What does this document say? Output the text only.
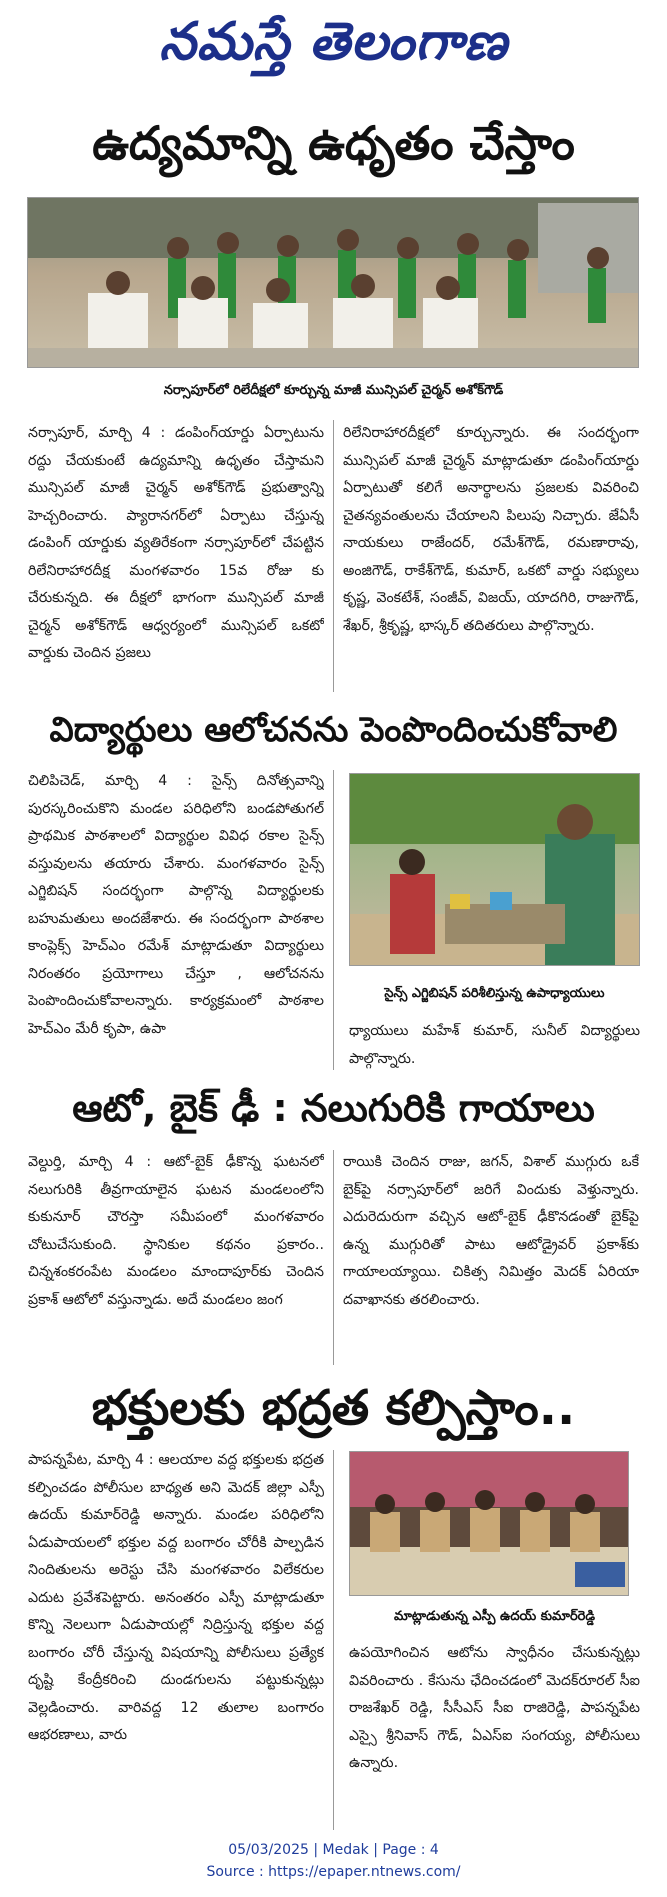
నమస్తే తెలంగాణ
ఉద్యమాన్ని ఉధృతం చేస్తాం
నర్సాపూర్‌లో రిలేదీక్షలో కూర్చున్న మాజీ మున్సిపల్ చైర్మన్ అశోక్‌గౌడ్

నర్సాపూర్, మార్చి 4 : డంపింగ్‌యార్డు ఏర్పాటును రద్దు చేయకుంటే ఉద్యమాన్ని ఉధృతం చేస్తామని మున్సిపల్ మాజీ చైర్మన్ అశోక్‌గౌడ్ ప్రభుత్వాన్ని హెచ్చరించారు. ప్యారానగర్‌లో ఏర్పాటు చేస్తున్న డంపింగ్ యార్డుకు వ్యతిరేకంగా నర్సాపూర్‌లో చేపట్టిన రిలేనిరాహారదీక్ష మంగళవారం 15వ రోజు కు చేరుకున్నది. ఈ దీక్షలో భాగంగా మున్సిపల్ మాజీ చైర్మన్ అశోక్‌గౌడ్ ఆధ్వర్యంలో మున్సిపల్ ఒకటో వార్డుకు చెందిన ప్రజలు

రిలేనిరాహారదీక్షలో కూర్చున్నారు. ఈ సందర్భంగా మున్సిపల్ మాజీ చైర్మన్ మాట్లాడుతూ డంపింగ్‌యార్డు ఏర్పాటుతో కలిగే అనార్థాలను ప్రజలకు వివరించి చైతన్యవంతులను చేయాలని పిలుపు నిచ్చారు. జేఏసీ నాయకులు రాజేందర్, రమేశ్‌గౌడ్, రమణారావు, అంజిగౌడ్, రాకేశ్‌గౌడ్, కుమార్, ఒకటో వార్డు సభ్యులు కృష్ణ, వెంకటేశ్, సంజీవ్, విజయ్, యాదగిరి, రాజుగౌడ్, శేఖర్, శ్రీకృష్ణ, భాస్కర్ తదితరులు పాల్గొన్నారు.

విద్యార్థులు ఆలోచనను పెంపొందించుకోవాలి

చిలిపిచెడ్, మార్చి 4 : సైన్స్ దినోత్సవాన్ని పురస్కరించుకొని మండల పరిధిలోని బండపోతుగల్ ప్రాథమిక పాఠశాలలో విద్యార్థుల వివిధ రకాల సైన్స్ వస్తువులను తయారు చేశారు. మంగళవారం సైన్స్ ఎగ్జిబిషన్ సందర్భంగా పాల్గొన్న విద్యార్థులకు బహుమతులు అందజేశారు. ఈ సందర్భంగా పాఠశాల కాంప్లెక్స్ హెచ్‌ఎం రమేశ్ మాట్లాడుతూ విద్యార్థులు నిరంతరం ప్రయోగాలు చేస్తూ , ఆలోచనను పెంపొందించుకోవాలన్నారు. కార్యక్రమంలో పాఠశాల హెచ్‌ఎం మేరీ కృపా, ఉపా

సైన్స్ ఎగ్జిబిషన్ పరిశీలిస్తున్న ఉపాధ్యాయులు

ధ్యాయులు మహేశ్ కుమార్, సునీల్ విద్యార్థులు పాల్గొన్నారు.

ఆటో, బైక్ ఢీ : నలుగురికి గాయాలు

వెల్దుర్తి, మార్చి 4 : ఆటో-బైక్ ఢీకొన్న ఘటనలో నలుగురికి తీవ్రగాయాలైన ఘటన మండలంలోని కుకునూర్ చౌరస్తా సమీపంలో మంగళవారం చోటుచేసుకుంది. స్థానికుల కథనం ప్రకారం.. చిన్నశంకరంపేట మండలం మాందాపూర్‌కు చెందిన ప్రకాశ్ ఆటోలో వస్తున్నాడు. అదే మండలం జంగ

రాయికి చెందిన రాజు, జగన్, విశాల్ ముగ్గురు ఒకే బైక్‌పై నర్సాపూర్‌లో జరిగే విందుకు వెళ్తున్నారు. ఎదురెదురుగా వచ్చిన ఆటో-బైక్ ఢీకొనడంతో బైక్‌పై ఉన్న ముగ్గురితో పాటు ఆటోడ్రైవర్ ప్రకాశ్‌కు గాయాలయ్యాయి. చికిత్స నిమిత్తం మెదక్ ఏరియా దవాఖానకు తరలించారు.

భక్తులకు భద్రత కల్పిస్తాం..

పాపన్నపేట, మార్చి 4 : ఆలయాల వద్ద భక్తులకు భద్రత కల్పించడం పోలీసుల బాధ్యత అని మెదక్ జిల్లా ఎస్పీ ఉదయ్ కుమార్‌రెడ్డి అన్నారు. మండల పరిధిలోని ఏడుపాయలలో భక్తుల వద్ద బంగారం చోరీకి పాల్పడిన నిందితులను అరెస్టు చేసి మంగళవారం విలేకరుల ఎదుట ప్రవేశపెట్టారు. అనంతరం ఎస్పీ మాట్లాడుతూ కొన్ని నెలలుగా ఏడుపాయల్లో నిద్రిస్తున్న భక్తుల వద్ద బంగారం చోరీ చేస్తున్న విషయాన్ని పోలీసులు ప్రత్యేక దృష్టి కేంద్రీకరించి దుండగులను పట్టుకున్నట్లు వెల్లడించారు. వారివద్ద 12 తులాల బంగారం ఆభరణాలు, వారు

మాట్లాడుతున్న ఎస్పీ ఉదయ్ కుమార్‌రెడ్డి

ఉపయోగించిన ఆటోను స్వాధీనం చేసుకున్నట్లు వివరించారు . కేసును ఛేదించడంలో మెదక్‌రూరల్ సీఐ రాజశేఖర్ రెడ్డి, సీసీఎస్ సీఐ రాజిరెడ్డి, పాపన్నపేట ఎస్సై శ్రీనివాస్ గౌడ్, ఏఎస్ఐ సంగయ్య, పోలీసులు ఉన్నారు.

05/03/2025 | Medak | Page : 4
Source : https://epaper.ntnews.com/
